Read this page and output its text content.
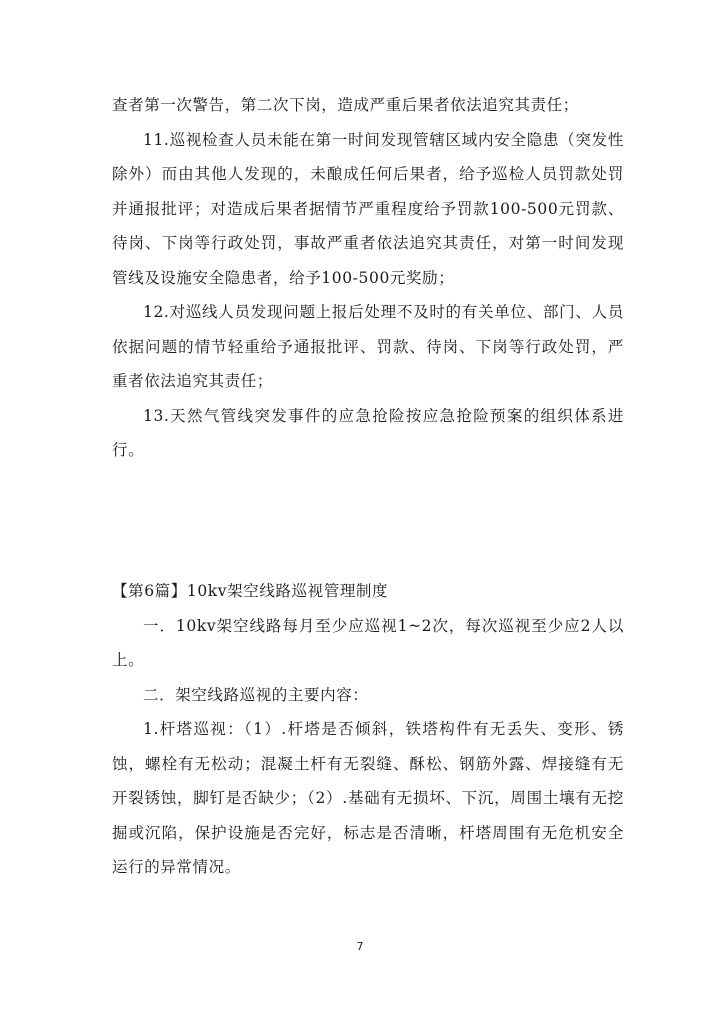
查者第一次警告，第二次下岗，造成严重后果者依法追究其责任；

11.巡视检查人员未能在第一时间发现管辖区域内安全隐患（突发性除外）而由其他人发现的，未酿成任何后果者，给予巡检人员罚款处罚并通报批评；对造成后果者据情节严重程度给予罚款100-500元罚款、待岗、下岗等行政处罚，事故严重者依法追究其责任，对第一时间发现管线及设施安全隐患者，给予100-500元奖励；

12.对巡线人员发现问题上报后处理不及时的有关单位、部门、人员依据问题的情节轻重给予通报批评、罚款、待岗、下岗等行政处罚，严重者依法追究其责任；

13.天然气管线突发事件的应急抢险按应急抢险预案的组织体系进行。

【第6篇】10kv架空线路巡视管理制度

一．10kv架空线路每月至少应巡视1~2次，每次巡视至少应2人以上。

二．架空线路巡视的主要内容：

1.杆塔巡视：（1）.杆塔是否倾斜，铁塔构件有无丢失、变形、锈蚀，螺栓有无松动；混凝土杆有无裂缝、酥松、钢筋外露、焊接缝有无开裂锈蚀，脚钉是否缺少；（2）.基础有无损坏、下沉，周围土壤有无挖掘或沉陷，保护设施是否完好，标志是否清晰，杆塔周围有无危机安全运行的异常情况。

7
